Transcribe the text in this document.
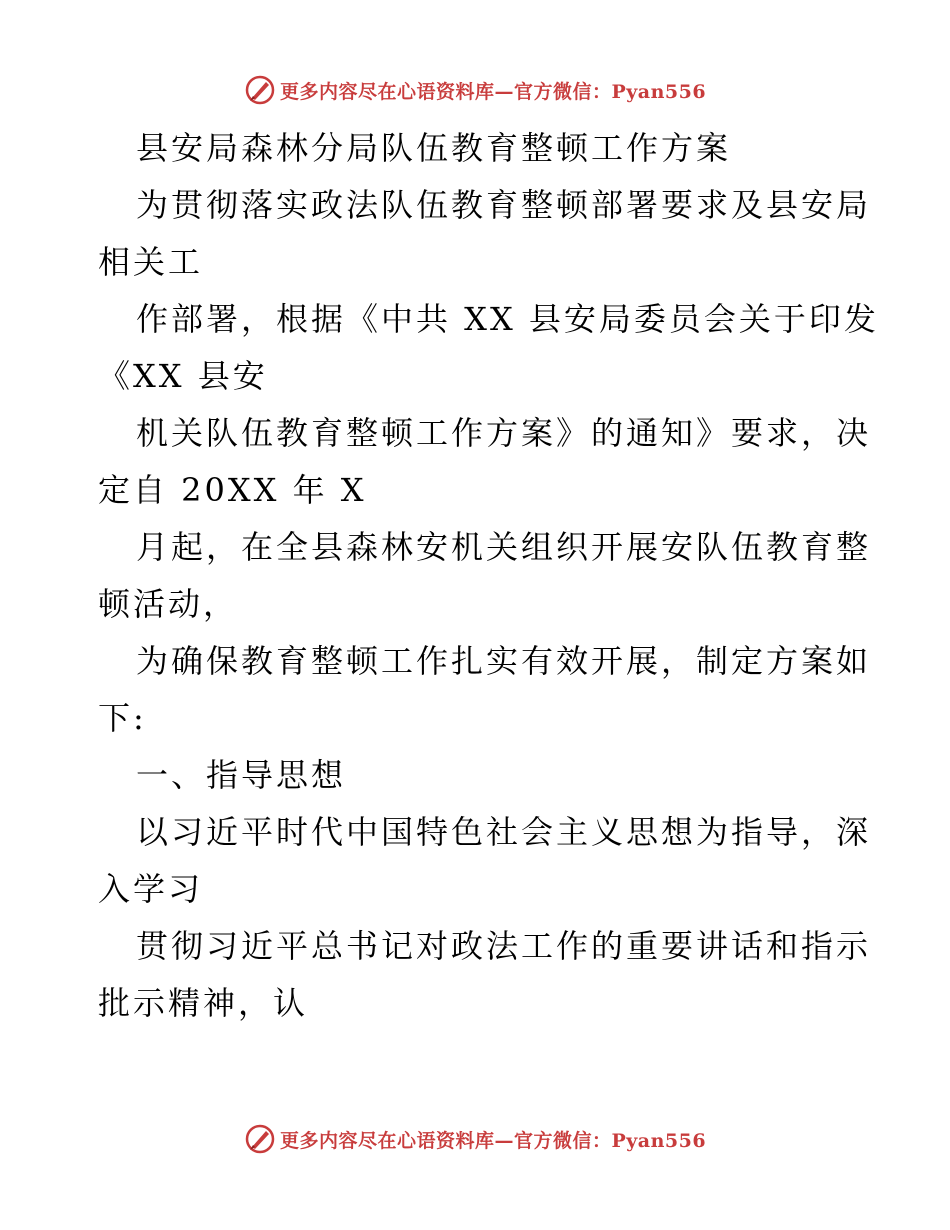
更多内容尽在心语资料库—官方微信：Pyan556
县安局森林分局队伍教育整顿工作方案
为贯彻落实政法队伍教育整顿部署要求及县安局
相关工
作部署，根据《中共 XX 县安局委员会关于印发
《XX 县安
机关队伍教育整顿工作方案》的通知》要求，决
定自 20XX 年 X
月起，在全县森林安机关组织开展安队伍教育整
顿活动，
为确保教育整顿工作扎实有效开展，制定方案如
下:
一、指导思想
以习近平时代中国特色社会主义思想为指导，深
入学习
贯彻习近平总书记对政法工作的重要讲话和指示
批示精神，认
更多内容尽在心语资料库—官方微信：Pyan556
